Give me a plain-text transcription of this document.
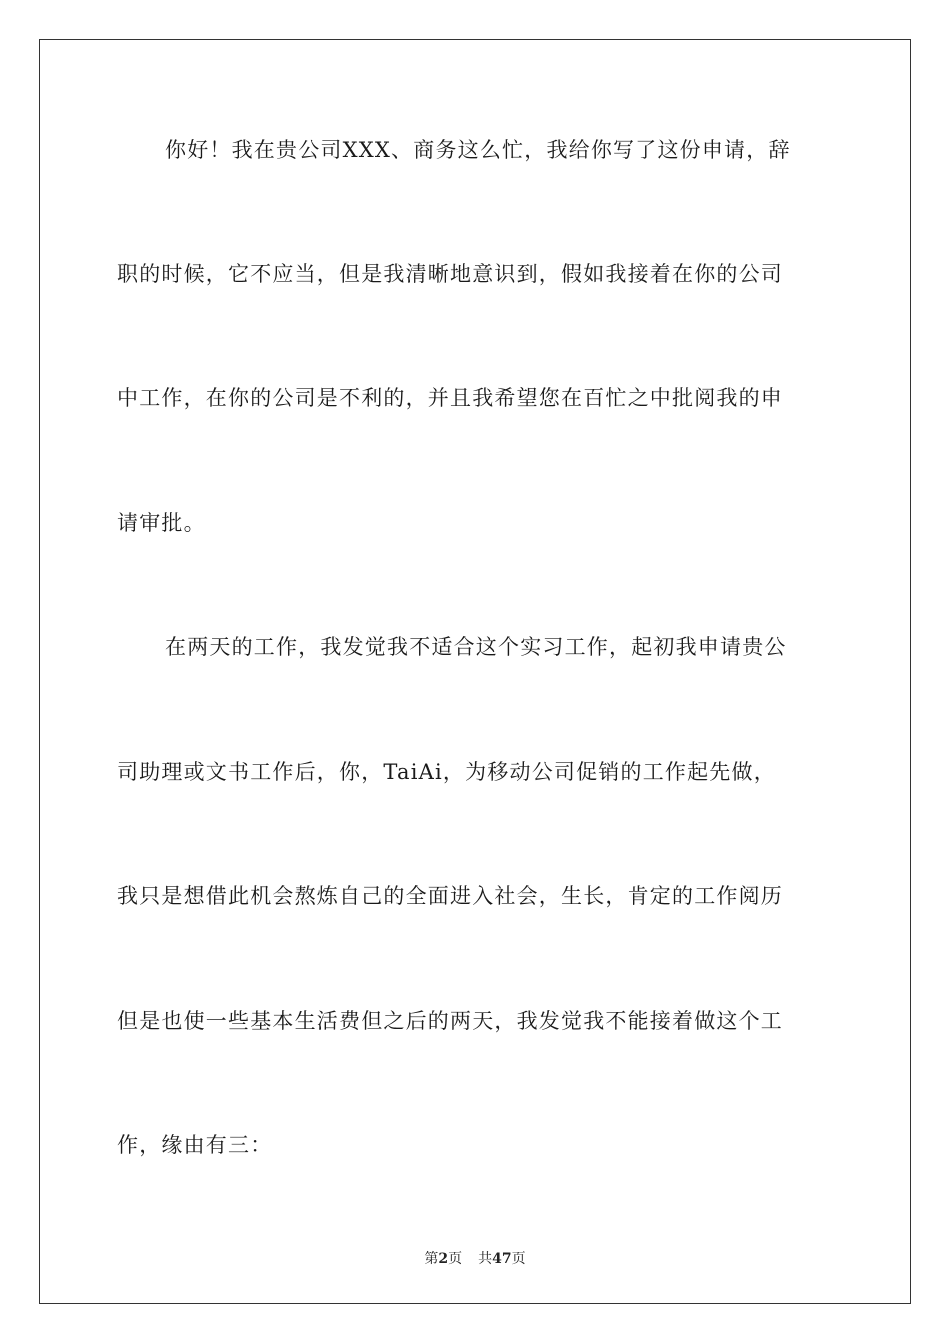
你好！我在贵公司XXX、商务这么忙，我给你写了这份申请，辞
职的时候，它不应当，但是我清晰地意识到，假如我接着在你的公司
中工作，在你的公司是不利的，并且我希望您在百忙之中批阅我的申
请审批。
在两天的工作，我发觉我不适合这个实习工作，起初我申请贵公
司助理或文书工作后，你，TaiAi，为移动公司促销的工作起先做，
我只是想借此机会熬炼自己的全面进入社会，生长，肯定的工作阅历
但是也使一些基本生活费但之后的两天，我发觉我不能接着做这个工
作，缘由有三：
第2页 共47页
